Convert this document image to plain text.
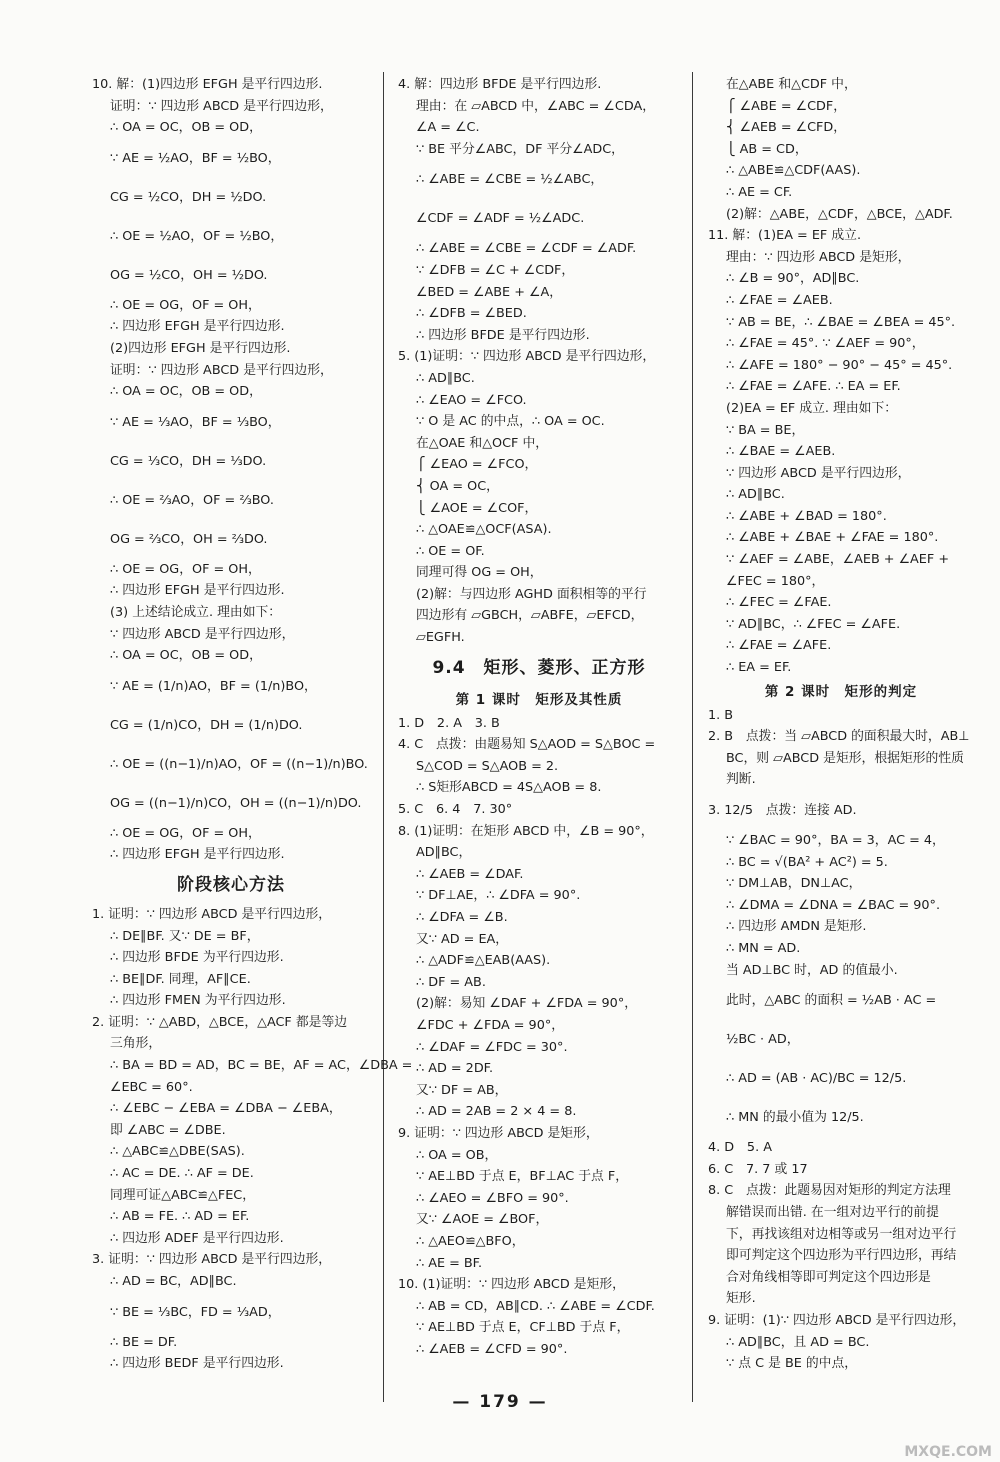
10. 解：(1)四边形 EFGH 是平行四边形.
证明：∵ 四边形 ABCD 是平行四边形，
∴ OA = OC，OB = OD，
∵ AE = ½AO，BF = ½BO，
CG = ½CO，DH = ½DO.
∴ OE = ½AO，OF = ½BO，
OG = ½CO，OH = ½DO.
∴ OE = OG，OF = OH，
∴ 四边形 EFGH 是平行四边形.
(2)四边形 EFGH 是平行四边形.
证明：∵ 四边形 ABCD 是平行四边形，
∴ OA = OC，OB = OD，
∵ AE = ⅓AO，BF = ⅓BO，
CG = ⅓CO，DH = ⅓DO.
∴ OE = ⅔AO，OF = ⅔BO.
OG = ⅔CO，OH = ⅔DO.
∴ OE = OG，OF = OH，
∴ 四边形 EFGH 是平行四边形.
(3) 上述结论成立. 理由如下：
∵ 四边形 ABCD 是平行四边形，
∴ OA = OC，OB = OD，
∵ AE = (1/n)AO，BF = (1/n)BO，
CG = (1/n)CO，DH = (1/n)DO.
∴ OE = ((n−1)/n)AO，OF = ((n−1)/n)BO.
OG = ((n−1)/n)CO，OH = ((n−1)/n)DO.
∴ OE = OG，OF = OH，
∴ 四边形 EFGH 是平行四边形.
阶段核心方法
1. 证明：∵ 四边形 ABCD 是平行四边形，
∴ DE∥BF. 又∵ DE = BF，
∴ 四边形 BFDE 为平行四边形.
∴ BE∥DF. 同理，AF∥CE.
∴ 四边形 FMEN 为平行四边形.
2. 证明：∵ △ABD，△BCE，△ACF 都是等边
三角形，
∴ BA = BD = AD，BC = BE，AF = AC，∠DBA =
∠EBC = 60°.
∴ ∠EBC − ∠EBA = ∠DBA − ∠EBA，
即 ∠ABC = ∠DBE.
∴ △ABC≌△DBE(SAS).
∴ AC = DE. ∴ AF = DE.
同理可证△ABC≌△FEC，
∴ AB = FE. ∴ AD = EF.
∴ 四边形 ADEF 是平行四边形.
3. 证明：∵ 四边形 ABCD 是平行四边形，
∴ AD = BC，AD∥BC.
∵ BE = ⅓BC，FD = ⅓AD，
∴ BE = DF.
∴ 四边形 BEDF 是平行四边形.
4. 解：四边形 BFDE 是平行四边形.
理由：在 ▱ABCD 中，∠ABC = ∠CDA，
∠A = ∠C.
∵ BE 平分∠ABC，DF 平分∠ADC，
∴ ∠ABE = ∠CBE = ½∠ABC，
∠CDF = ∠ADF = ½∠ADC.
∴ ∠ABE = ∠CBE = ∠CDF = ∠ADF.
∵ ∠DFB = ∠C + ∠CDF，
∠BED = ∠ABE + ∠A，
∴ ∠DFB = ∠BED.
∴ 四边形 BFDE 是平行四边形.
5. (1)证明：∵ 四边形 ABCD 是平行四边形，
∴ AD∥BC.
∴ ∠EAO = ∠FCO.
∵ O 是 AC 的中点，∴ OA = OC.
在△OAE 和△OCF 中，
⎧ ∠EAO = ∠FCO，
⎨ OA = OC，
⎩ ∠AOE = ∠COF，
∴ △OAE≌△OCF(ASA).
∴ OE = OF.
同理可得 OG = OH，
(2)解：与四边形 AGHD 面积相等的平行
四边形有 ▱GBCH，▱ABFE，▱EFCD，
▱EGFH.
9.4　矩形、菱形、正方形
第 1 课时　矩形及其性质
1. D　2. A　3. B
4. C　点拨：由题易知 S△AOD = S△BOC =
S△COD = S△AOB = 2.
∴ S矩形ABCD = 4S△AOB = 8.
5. C　6. 4　7. 30°
8. (1)证明：在矩形 ABCD 中，∠B = 90°，
AD∥BC，
∴ ∠AEB = ∠DAF.
∵ DF⊥AE，∴ ∠DFA = 90°.
∴ ∠DFA = ∠B.
又∵ AD = EA，
∴ △ADF≌△EAB(AAS).
∴ DF = AB.
(2)解：易知 ∠DAF + ∠FDA = 90°，
∠FDC + ∠FDA = 90°，
∴ ∠DAF = ∠FDC = 30°.
∴ AD = 2DF.
又∵ DF = AB，
∴ AD = 2AB = 2 × 4 = 8.
9. 证明：∵ 四边形 ABCD 是矩形，
∴ OA = OB，
∵ AE⊥BD 于点 E，BF⊥AC 于点 F，
∴ ∠AEO = ∠BFO = 90°.
又∵ ∠AOE = ∠BOF，
∴ △AEO≌△BFO，
∴ AE = BF.
10. (1)证明：∵ 四边形 ABCD 是矩形，
∴ AB = CD，AB∥CD. ∴ ∠ABE = ∠CDF.
∵ AE⊥BD 于点 E，CF⊥BD 于点 F，
∴ ∠AEB = ∠CFD = 90°.
在△ABE 和△CDF 中，
⎧ ∠ABE = ∠CDF，
⎨ ∠AEB = ∠CFD，
⎩ AB = CD，
∴ △ABE≌△CDF(AAS).
∴ AE = CF.
(2)解：△ABE，△CDF，△BCE，△ADF.
11. 解：(1)EA = EF 成立.
理由：∵ 四边形 ABCD 是矩形，
∴ ∠B = 90°，AD∥BC.
∴ ∠FAE = ∠AEB.
∵ AB = BE，∴ ∠BAE = ∠BEA = 45°.
∴ ∠FAE = 45°. ∵ ∠AEF = 90°，
∴ ∠AFE = 180° − 90° − 45° = 45°.
∴ ∠FAE = ∠AFE. ∴ EA = EF.
(2)EA = EF 成立. 理由如下：
∵ BA = BE，
∴ ∠BAE = ∠AEB.
∵ 四边形 ABCD 是平行四边形，
∴ AD∥BC.
∴ ∠ABE + ∠BAD = 180°.
∴ ∠ABE + ∠BAE + ∠FAE = 180°.
∵ ∠AEF = ∠ABE，∠AEB + ∠AEF +
∠FEC = 180°，
∴ ∠FEC = ∠FAE.
∵ AD∥BC，∴ ∠FEC = ∠AFE.
∴ ∠FAE = ∠AFE.
∴ EA = EF.
第 2 课时　矩形的判定
1. B
2. B　点拨：当 ▱ABCD 的面积最大时，AB⊥
BC，则 ▱ABCD 是矩形，根据矩形的性质
判断.
3. 12/5　点拨：连接 AD.
∵ ∠BAC = 90°，BA = 3，AC = 4，
∴ BC = √(BA² + AC²) = 5.
∵ DM⊥AB，DN⊥AC，
∴ ∠DMA = ∠DNA = ∠BAC = 90°.
∴ 四边形 AMDN 是矩形.
∴ MN = AD.
当 AD⊥BC 时，AD 的值最小.
此时，△ABC 的面积 = ½AB · AC =
½BC · AD，
∴ AD = (AB · AC)/BC = 12/5.
∴ MN 的最小值为 12/5.
4. D　5. A
6. C　7. 7 或 17
8. C　点拨：此题易因对矩形的判定方法理
解错误而出错. 在一组对边平行的前提
下，再找该组对边相等或另一组对边平行
即可判定这个四边形为平行四边形，再结
合对角线相等即可判定这个四边形是
矩形.
9. 证明：(1)∵ 四边形 ABCD 是平行四边形，
∴ AD∥BC，且 AD = BC.
∵ 点 C 是 BE 的中点，
— 179 —
MXQE.COM
